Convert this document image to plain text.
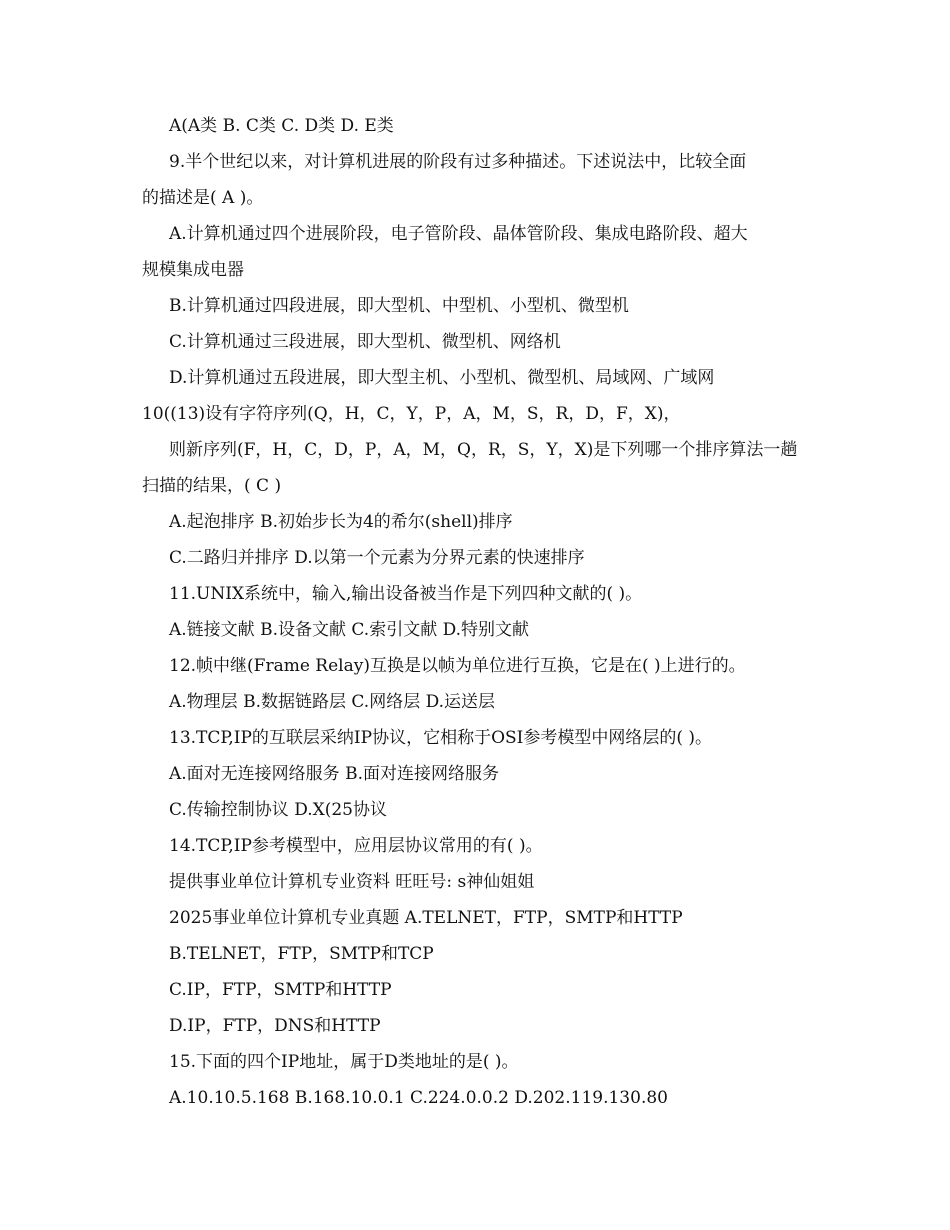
A(A类 B. C类 C. D类 D. E类
9.半个世纪以来，对计算机进展的阶段有过多种描述。下述说法中，比较全面
的描述是( A )。
A.计算机通过四个进展阶段，电子管阶段、晶体管阶段、集成电路阶段、超大
规模集成电器
B.计算机通过四段进展，即大型机、中型机、小型机、微型机
C.计算机通过三段进展，即大型机、微型机、网络机
D.计算机通过五段进展，即大型主机、小型机、微型机、局域网、广域网
10((13)设有字符序列(Q，H，C，Y，P，A，M，S，R，D，F，X)，
则新序列(F，H，C，D，P，A，M，Q，R，S，Y，X)是下列哪一个排序算法一趟
扫描的结果，( C )
A.起泡排序 B.初始步长为4的希尔(shell)排序
C.二路归并排序 D.以第一个元素为分界元素的快速排序
11.UNIX系统中，输入,输出设备被当作是下列四种文献的( )。
A.链接文献 B.设备文献 C.索引文献 D.特别文献
12.帧中继(Frame Relay)互换是以帧为单位进行互换，它是在( )上进行的。
A.物理层 B.数据链路层 C.网络层 D.运送层
13.TCP,IP的互联层采纳IP协议，它相称于OSI参考模型中网络层的( )。
A.面对无连接网络服务 B.面对连接网络服务
C.传输控制协议 D.X(25协议
14.TCP,IP参考模型中，应用层协议常用的有( )。
提供事业单位计算机专业资料 旺旺号: s神仙姐姐
2025事业单位计算机专业真题 A.TELNET，FTP，SMTP和HTTP
B.TELNET，FTP，SMTP和TCP
C.IP，FTP，SMTP和HTTP
D.IP，FTP，DNS和HTTP
15.下面的四个IP地址，属于D类地址的是( )。
A.10.10.5.168 B.168.10.0.1 C.224.0.0.2 D.202.119.130.80
